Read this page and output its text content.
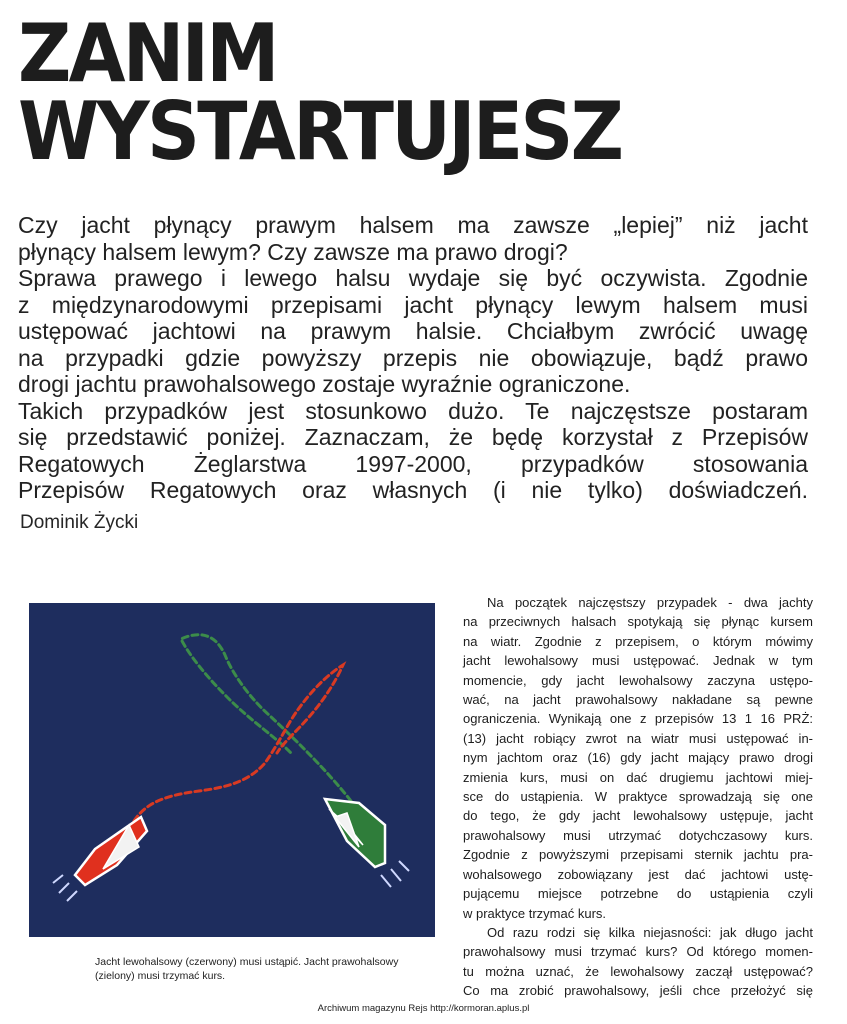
ZANIM
WYSTARTUJESZ
Czy jacht płynący prawym halsem ma zawsze „lepiej” niż jacht
płynący halsem lewym? Czy zawsze ma prawo drogi?
Sprawa prawego i lewego halsu wydaje się być oczywista. Zgodnie
z międzynarodowymi przepisami jacht płynący lewym halsem musi
ustępować jachtowi na prawym halsie. Chciałbym zwrócić uwagę
na przypadki gdzie powyższy przepis nie obowiązuje, bądź prawo
drogi jachtu prawohalsowego zostaje wyraźnie ograniczone.
Takich przypadków jest stosunkowo dużo. Te najczęstsze postaram
się przedstawić poniżej. Zaznaczam, że będę korzystał z Przepisów
Regatowych Żeglarstwa 1997-2000, przypadków stosowania
Przepisów Regatowych oraz własnych (i nie tylko) doświadczeń.

Dominik Życki

Jacht lewohalsowy (czerwony) musi ustąpić. Jacht prawohalsowy (zielony) musi trzymać kurs.

Na początek najczęstszy przypadek - dwa jachty
na przeciwnych halsach spotykają się płynąc kursem
na wiatr. Zgodnie z przepisem, o którym mówimy
jacht lewohalsowy musi ustępować. Jednak w tym
momencie, gdy jacht lewohalsowy zaczyna ustępo-
wać, na jacht prawohalsowy nakładane są pewne
ograniczenia. Wynikają one z przepisów 13 1 16 PRŻ:
(13) jacht robiący zwrot na wiatr musi ustępować in-
nym jachtom oraz (16) gdy jacht mający prawo drogi
zmienia kurs, musi on dać drugiemu jachtowi miej-
sce do ustąpienia. W praktyce sprowadzają się one
do tego, że gdy jacht lewohalsowy ustępuje, jacht
prawohalsowy musi utrzymać dotychczasowy kurs.
Zgodnie z powyższymi przepisami sternik jachtu pra-
wohalsowego zobowiązany jest dać jachtowi ustę-
pującemu miejsce potrzebne do ustąpienia czyli
w praktyce trzymać kurs.
Od razu rodzi się kilka niejasności: jak długo jacht
prawohalsowy musi trzymać kurs? Od którego momen-
tu można uznać, że lewohalsowy zaczął ustępować?
Co ma zrobić prawohalsowy, jeśli chce przełożyć się

Archiwum magazynu Rejs http://kormoran.aplus.pl
